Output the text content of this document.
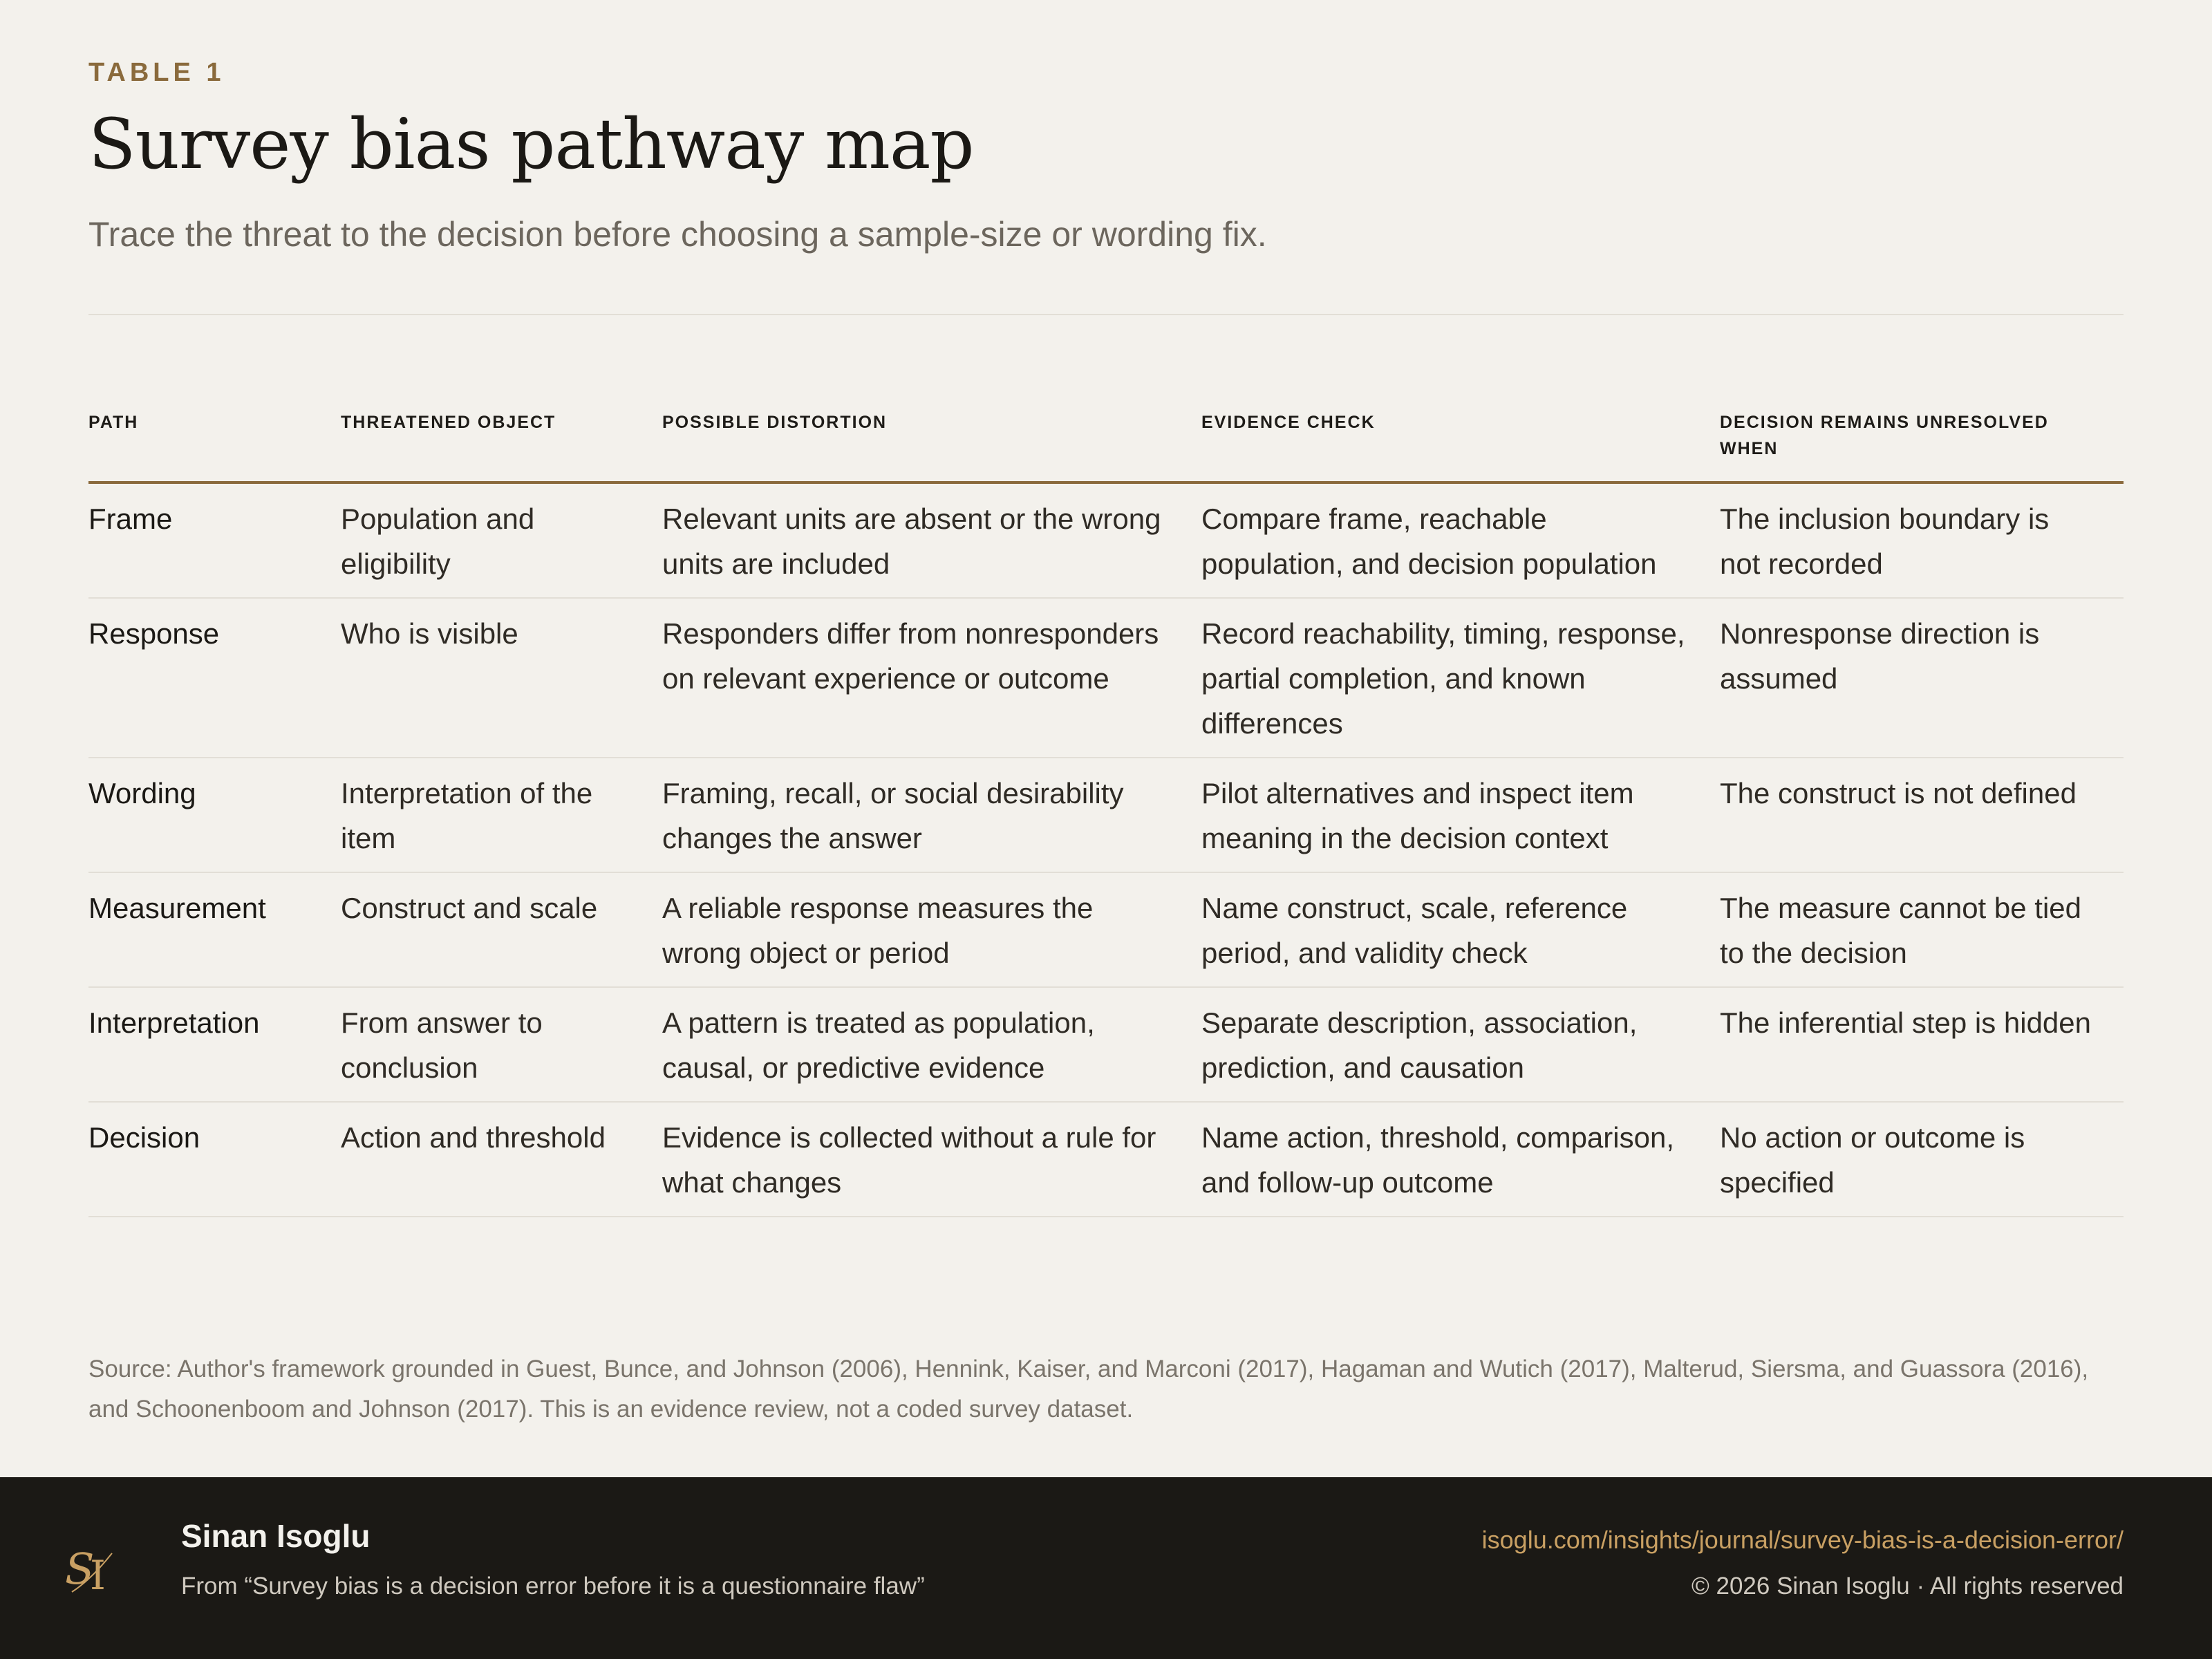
TABLE 1
Survey bias pathway map
Trace the threat to the decision before choosing a sample-size or wording fix.
PATH	THREATENED OBJECT	POSSIBLE DISTORTION	EVIDENCE CHECK	DECISION REMAINS UNRESOLVED WHEN
Frame	Population and eligibility	Relevant units are absent or the wrong units are included	Compare frame, reachable population, and decision population	The inclusion boundary is not recorded
Response	Who is visible	Responders differ from nonresponders on relevant experience or outcome	Record reachability, timing, response, partial completion, and known differences	Nonresponse direction is assumed
Wording	Interpretation of the item	Framing, recall, or social desirability changes the answer	Pilot alternatives and inspect item meaning in the decision context	The construct is not defined
Measurement	Construct and scale	A reliable response measures the wrong object or period	Name construct, scale, reference period, and validity check	The measure cannot be tied to the decision
Interpretation	From answer to conclusion	A pattern is treated as population, causal, or predictive evidence	Separate description, association, prediction, and causation	The inferential step is hidden
Decision	Action and threshold	Evidence is collected without a rule for what changes	Name action, threshold, comparison, and follow-up outcome	No action or outcome is specified

Source: Author's framework grounded in Guest, Bunce, and Johnson (2006), Hennink, Kaiser, and Marconi (2017), Hagaman and Wutich (2017), Malterud, Siersma, and Guassora (2016), and Schoonenboom and Johnson (2017). This is an evidence review, not a coded survey dataset.

S
I
Sinan Isoglu
From “Survey bias is a decision error before it is a questionnaire flaw”
isoglu.com/insights/journal/survey-bias-is-a-decision-error/
© 2026 Sinan Isoglu · All rights reserved
